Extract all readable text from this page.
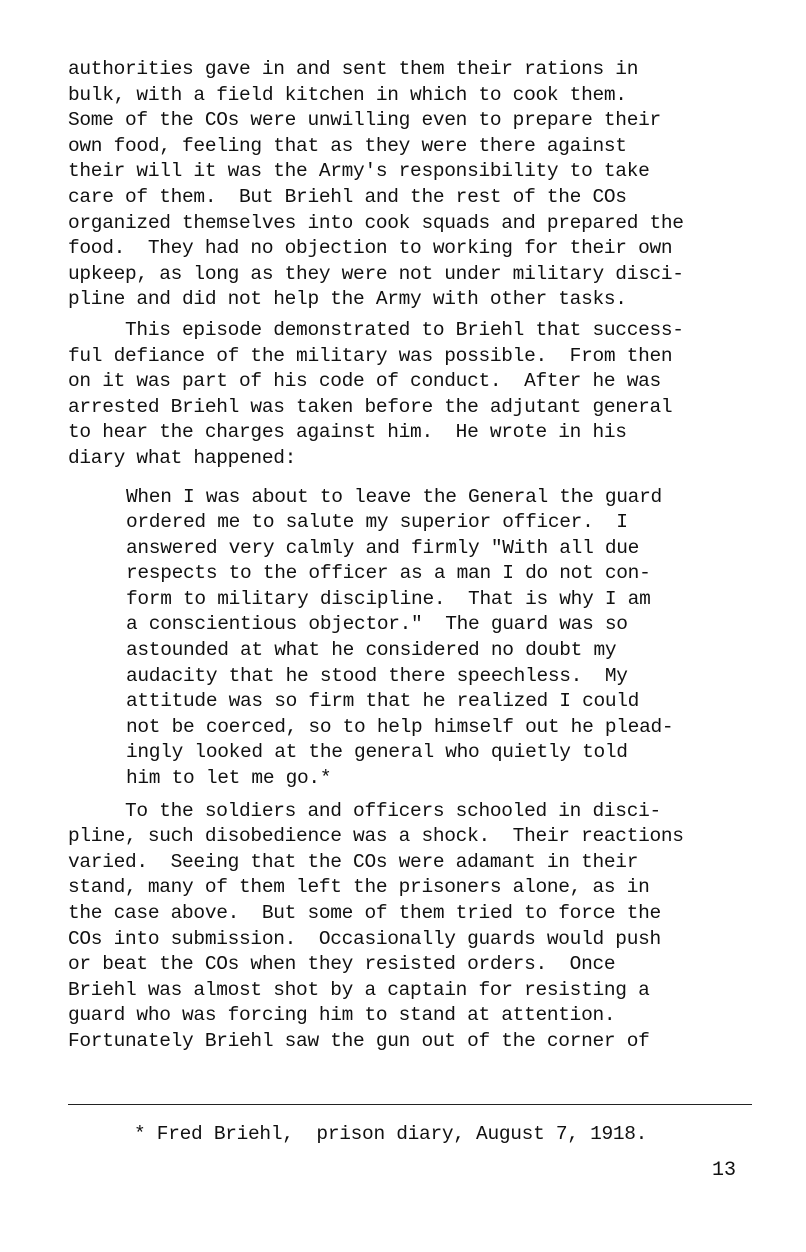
authorities gave in and sent them their rations in
bulk, with a field kitchen in which to cook them.
Some of the COs were unwilling even to prepare their
own food, feeling that as they were there against
their will it was the Army's responsibility to take
care of them.  But Briehl and the rest of the COs
organized themselves into cook squads and prepared the
food.  They had no objection to working for their own
upkeep, as long as they were not under military disci-
pline and did not help the Army with other tasks.
This episode demonstrated to Briehl that success-
ful defiance of the military was possible.  From then
on it was part of his code of conduct.  After he was
arrested Briehl was taken before the adjutant general
to hear the charges against him.  He wrote in his
diary what happened:
When I was about to leave the General the guard
ordered me to salute my superior officer.  I
answered very calmly and firmly "With all due
respects to the officer as a man I do not con-
form to military discipline.  That is why I am
a conscientious objector."  The guard was so
astounded at what he considered no doubt my
audacity that he stood there speechless.  My
attitude was so firm that he realized I could
not be coerced, so to help himself out he plead-
ingly looked at the general who quietly told
him to let me go.*
To the soldiers and officers schooled in disci-
pline, such disobedience was a shock.  Their reactions
varied.  Seeing that the COs were adamant in their
stand, many of them left the prisoners alone, as in
the case above.  But some of them tried to force the
COs into submission.  Occasionally guards would push
or beat the COs when they resisted orders.  Once
Briehl was almost shot by a captain for resisting a
guard who was forcing him to stand at attention.
Fortunately Briehl saw the gun out of the corner of
* Fred Briehl,  prison diary, August 7, 1918.
13
